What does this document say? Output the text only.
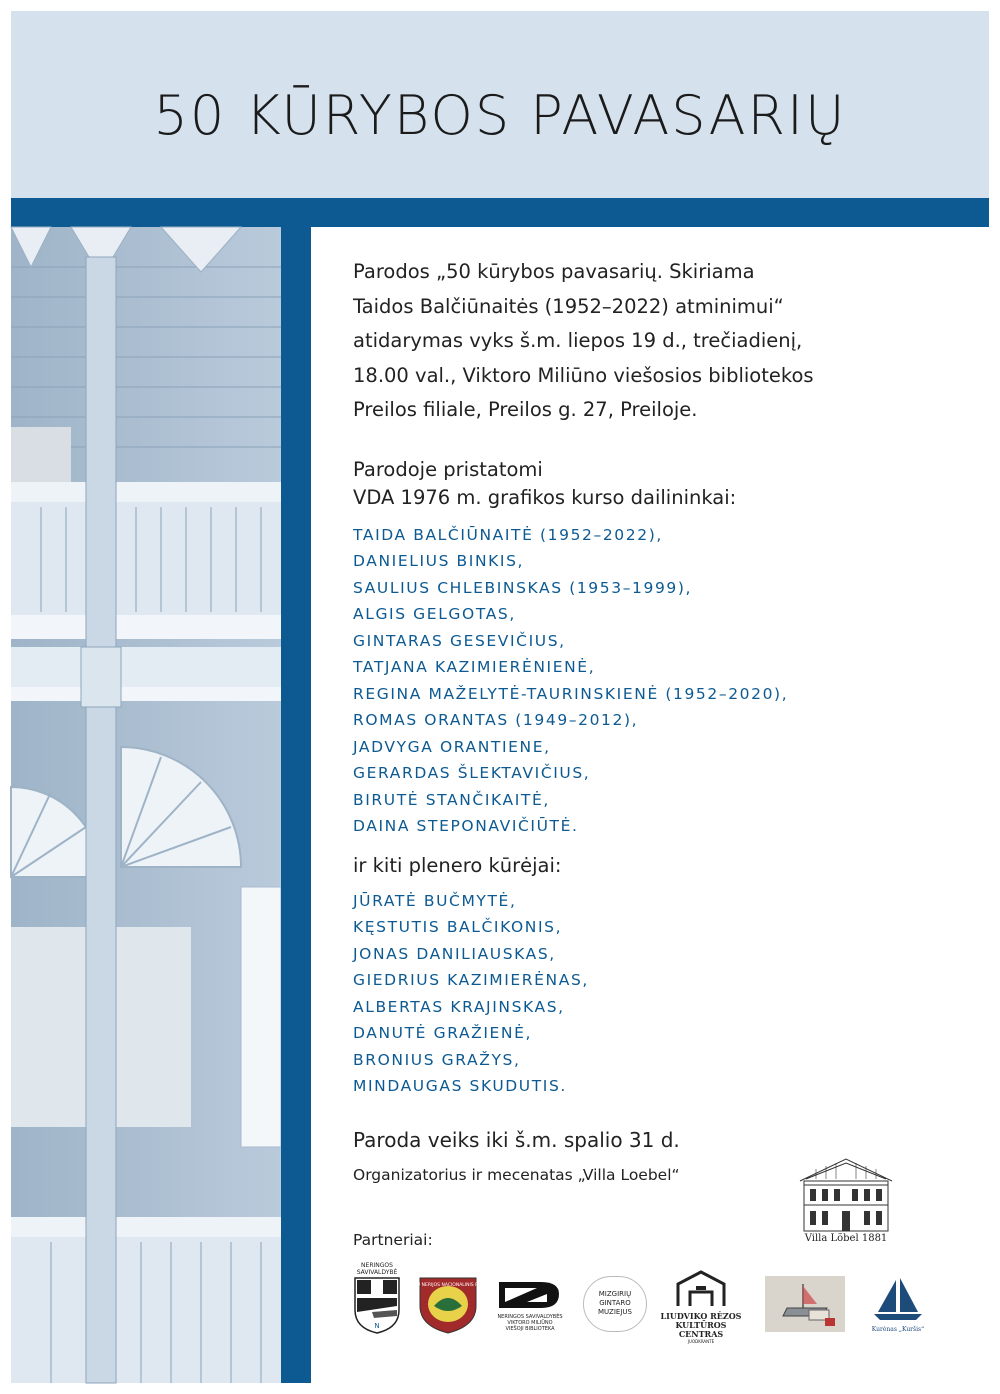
50 KŪRYBOS PAVASARIŲ
Parodos „50 kūrybos pavasarių. Skiriama
Taidos Balčiūnaitės (1952–2022) atminimui“
atidarymas vyks š.m. liepos 19 d., trečiadienį,
18.00 val., Viktoro Miliūno viešosios bibliotekos
Preilos filiale, Preilos g. 27, Preiloje.
Parodoje pristatomi
VDA 1976 m. grafikos kurso dailininkai:
TAIDA BALČIŪNAITĖ (1952–2022),
DANIELIUS BINKIS,
SAULIUS CHLEBINSKAS (1953–1999),
ALGIS GELGOTAS,
GINTARAS GESEVIČIUS,
TATJANA KAZIMIERĖNIENĖ,
REGINA MAŽELYTĖ-TAURINSKIENĖ (1952–2020),
ROMAS ORANTAS (1949–2012),
JADVYGA ORANTIENE,
GERARDAS ŠLEKTAVIČIUS,
BIRUTĖ STANČIKAITĖ,
DAINA STEPONAVIČIŪTĖ.
ir kiti plenero kūrėjai:
JŪRATĖ BUČMYTĖ,
KĘSTUTIS BALČIKONIS,
JONAS DANILIAUSKAS,
GIEDRIUS KAZIMIERĖNAS,
ALBERTAS KRAJINSKAS,
DANUTĖ GRAŽIENĖ,
BRONIUS GRAŽYS,
MINDAUGAS SKUDUTIS.
Paroda veiks iki š.m. spalio 31 d.
Organizatorius ir mecenatas „Villa Loebel“
Villa Lõbel 1881
Partneriai:
NERINGOS
SAVIVALDYBĖ
N
KURŠIŲ NERIJOS NACIONALINIS PARKAS
NERINGOS SAVIVALDYBĖS
VIKTORO MILIŪNO
VIEŠOJI BIBLIOTEKA
MIZGIRIŲ
GINTARO
MUZIEJUS	LIUDVIKO RĖZOS
KULTŪROS CENTRAS
JUODKRANTĖ
Kurėnas „Kuršis“
